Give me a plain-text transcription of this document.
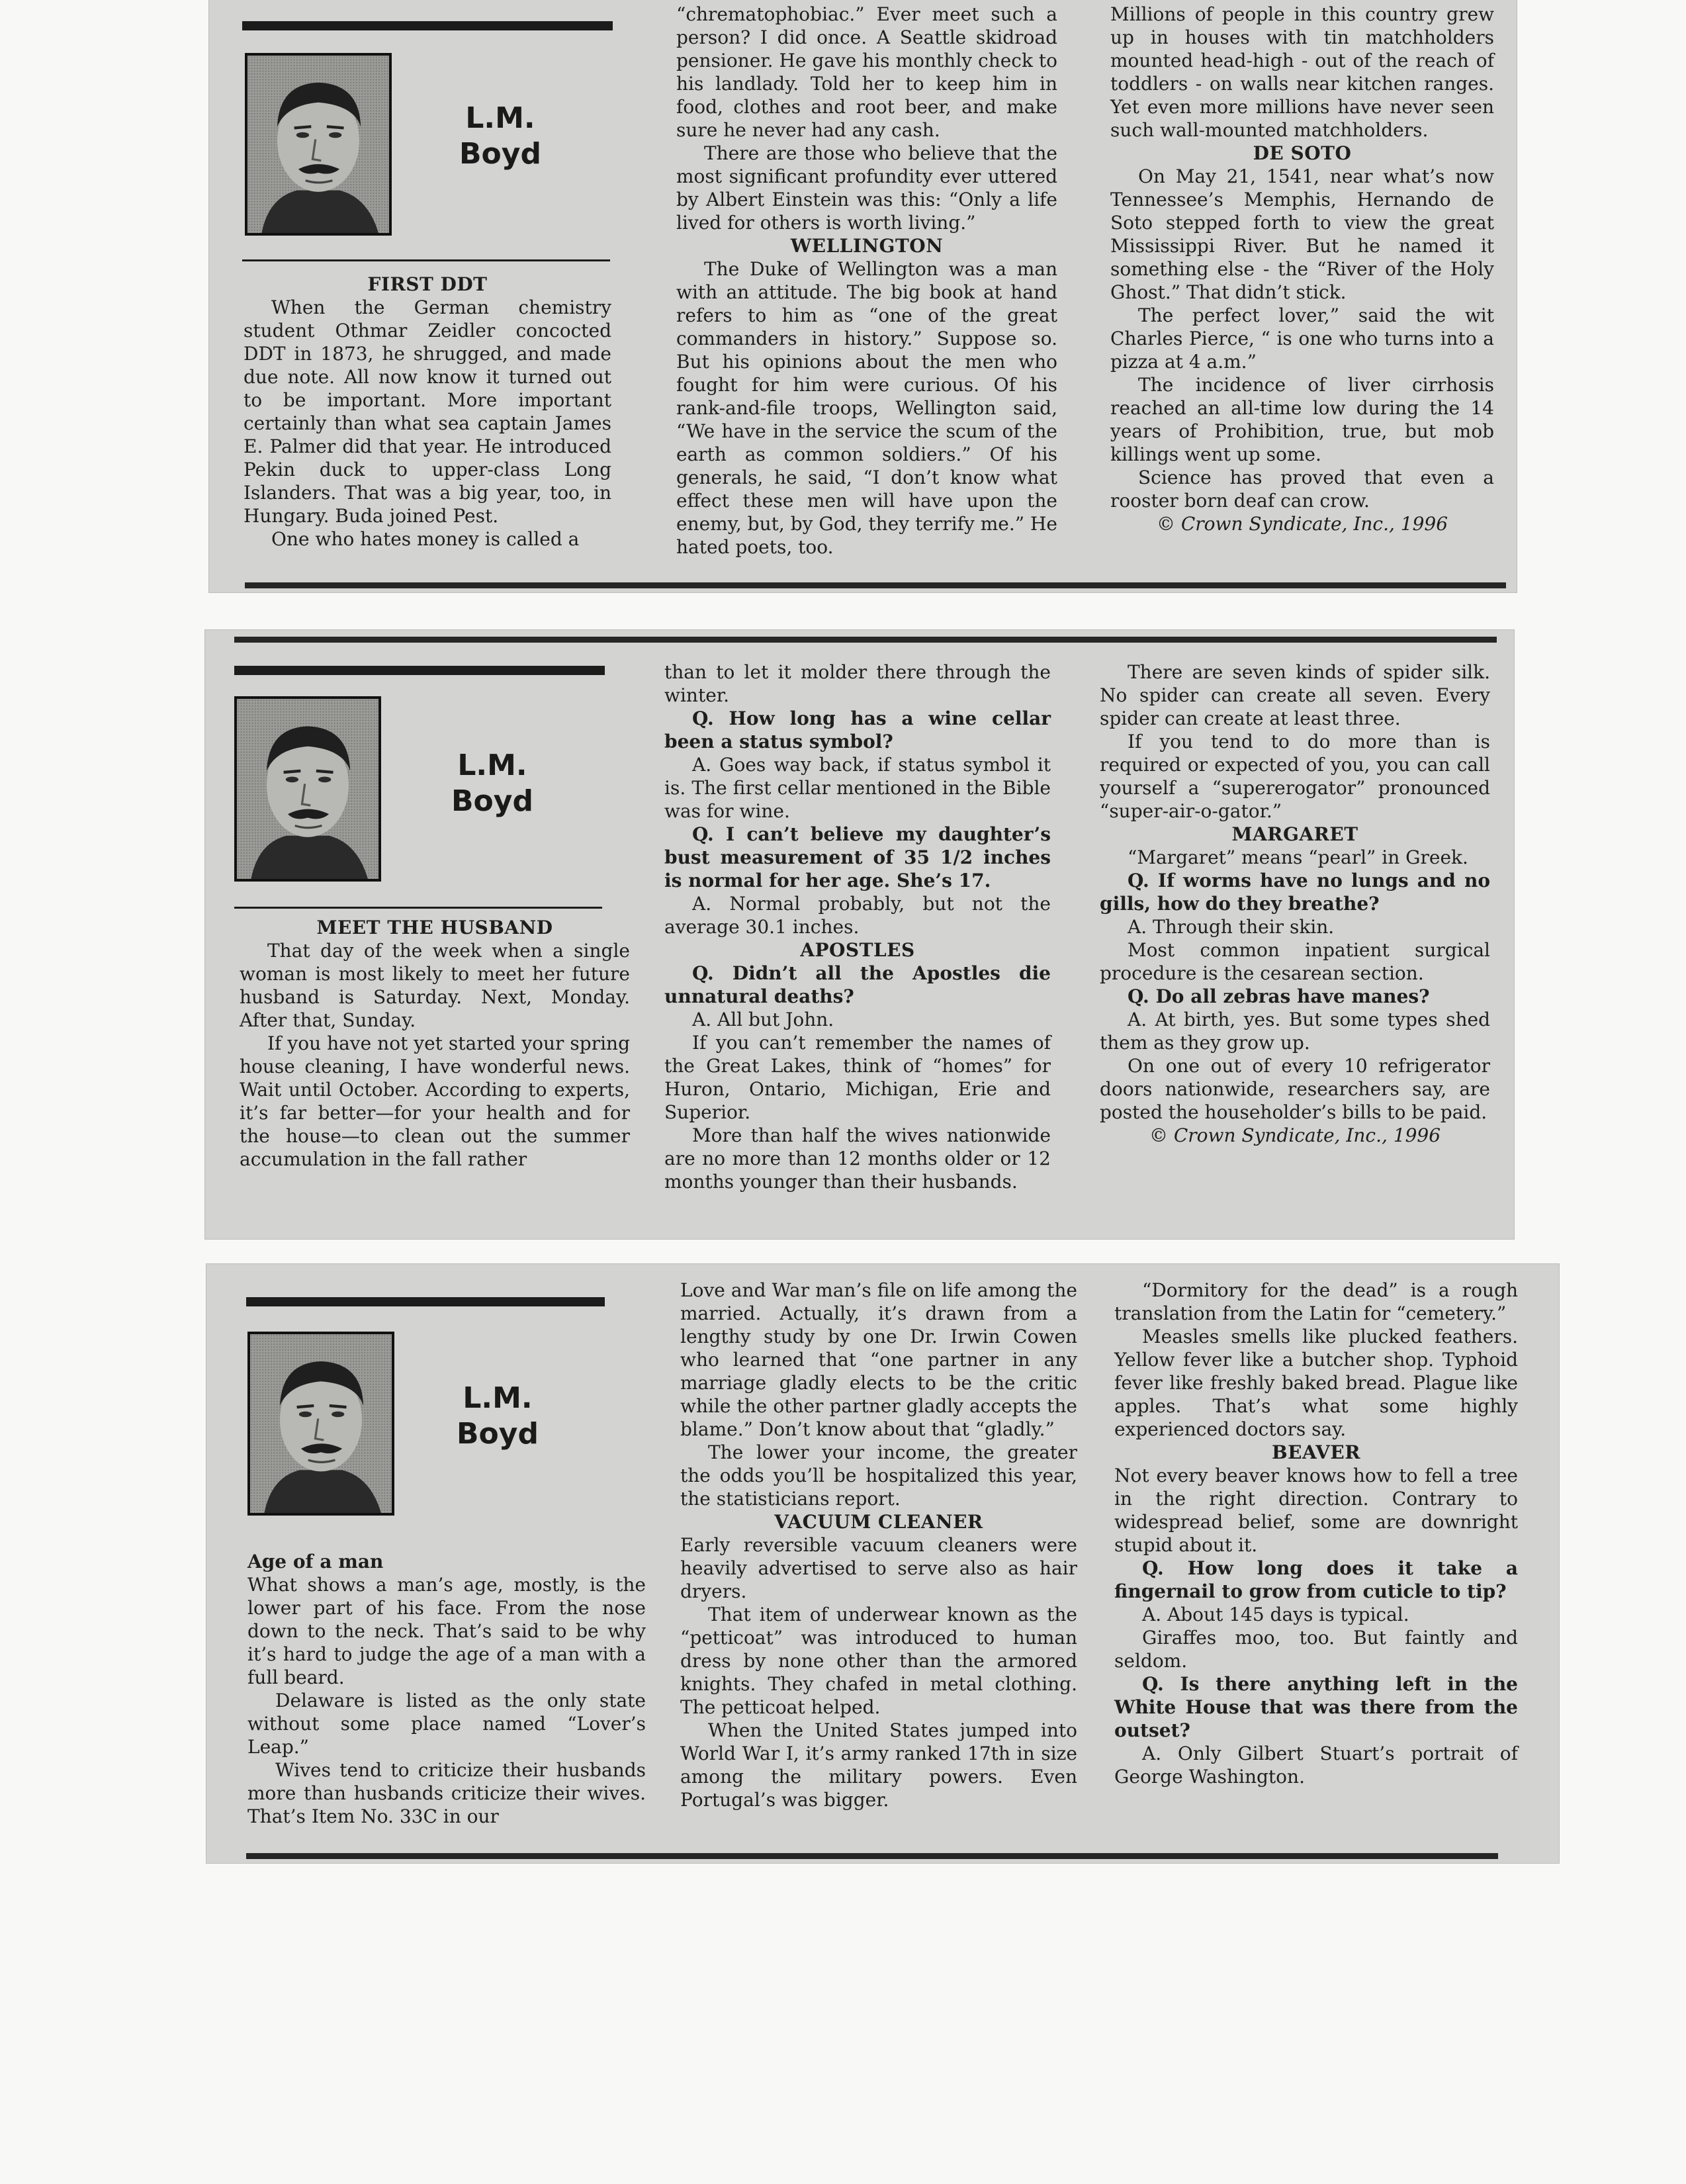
L.M.
Boyd

FIRST DDT

When the German chemistry student Othmar Zeidler concocted DDT in 1873, he shrugged, and made due note. All now know it turned out to be important. More important certainly than what sea captain James E. Palmer did that year. He introduced Pekin duck to upper-class Long Islanders. That was a big year, too, in Hungary. Buda joined Pest.

One who hates money is called a

“chrematophobiac.” Ever meet such a person? I did once. A Seattle skidroad pensioner. He gave his monthly check to his landlady. Told her to keep him in food, clothes and root beer, and make sure he never had any cash.

There are those who believe that the most significant profundity ever uttered by Albert Einstein was this: “Only a life lived for others is worth living.”

WELLINGTON

The Duke of Wellington was a man with an attitude. The big book at hand refers to him as “one of the great commanders in history.” Suppose so. But his opinions about the men who fought for him were curious. Of his rank-and-file troops, Wellington said, “We have in the service the scum of the earth as common soldiers.” Of his generals, he said, “I don’t know what effect these men will have upon the enemy, but, by God, they terrify me.” He hated poets, too.

Millions of people in this country grew up in houses with tin matchholders mounted head-high - out of the reach of toddlers - on walls near kitchen ranges. Yet even more millions have never seen such wall-mounted matchholders.

DE SOTO

On May 21, 1541, near what’s now Tennessee’s Memphis, Hernando de Soto stepped forth to view the great Mississippi River. But he named it something else - the “River of the Holy Ghost.” That didn’t stick.

The perfect lover,” said the wit Charles Pierce, “ is one who turns into a pizza at 4 a.m.”

The incidence of liver cirrhosis reached an all-time low during the 14 years of Prohibition, true, but mob killings went up some.

Science has proved that even a rooster born deaf can crow.

© Crown Syndicate, Inc., 1996

L.M.
Boyd

MEET THE HUSBAND

That day of the week when a single woman is most likely to meet her future husband is Saturday. Next, Monday. After that, Sunday.

If you have not yet started your spring house cleaning, I have wonderful news. Wait until October. According to experts, it’s far better—for your health and for the house—to clean out the summer accumulation in the fall rather

than to let it molder there through the winter.

Q. How long has a wine cellar been a status symbol?

A. Goes way back, if status symbol it is. The first cellar mentioned in the Bible was for wine.

Q. I can’t believe my daughter’s bust measurement of 35 1/2 inches is normal for her age. She’s 17.

A. Normal probably, but not the average 30.1 inches.

APOSTLES

Q. Didn’t all the Apostles die unnatural deaths?

A. All but John.

If you can’t remember the names of the Great Lakes, think of “homes” for Huron, Ontario, Michigan, Erie and Superior.

More than half the wives nationwide are no more than 12 months older or 12 months younger than their husbands.

There are seven kinds of spider silk. No spider can create all seven. Every spider can create at least three.

If you tend to do more than is required or expected of you, you can call yourself a “supererogator” pronounced “super-air-o-gator.”

MARGARET

“Margaret” means “pearl” in Greek.

Q. If worms have no lungs and no gills, how do they breathe?

A. Through their skin.

Most common inpatient surgical procedure is the cesarean section.

Q. Do all zebras have manes?

A. At birth, yes. But some types shed them as they grow up.

On one out of every 10 refrigerator doors nationwide, researchers say, are posted the householder’s bills to be paid.

© Crown Syndicate, Inc., 1996

L.M.
Boyd

Age of a man

What shows a man’s age, mostly, is the lower part of his face. From the nose down to the neck. That’s said to be why it’s hard to judge the age of a man with a full beard.

Delaware is listed as the only state without some place named “Lover’s Leap.”

Wives tend to criticize their husbands more than husbands criticize their wives. That’s Item No. 33C in our

Love and War man’s file on life among the married. Actually, it’s drawn from a lengthy study by one Dr. Irwin Cowen who learned that “one partner in any marriage gladly elects to be the critic while the other partner gladly accepts the blame.” Don’t know about that “gladly.”

The lower your income, the greater the odds you’ll be hospitalized this year, the statisticians report.

VACUUM CLEANER

Early reversible vacuum cleaners were heavily advertised to serve also as hair dryers.

That item of underwear known as the “petticoat” was introduced to human dress by none other than the armored knights. They chafed in metal clothing. The petticoat helped.

When the United States jumped into World War I, it’s army ranked 17th in size among the military powers. Even Portugal’s was bigger.

“Dormitory for the dead” is a rough translation from the Latin for “cemetery.”

Measles smells like plucked feathers. Yellow fever like a butcher shop. Typhoid fever like freshly baked bread. Plague like apples. That’s what some highly experienced doctors say.

BEAVER

Not every beaver knows how to fell a tree in the right direction. Contrary to widespread belief, some are downright stupid about it.

Q. How long does it take a fingernail to grow from cuticle to tip?

A. About 145 days is typical.

Giraffes moo, too. But faintly and seldom.

Q. Is there anything left in the White House that was there from the outset?

A. Only Gilbert Stuart’s portrait of George Washington.
